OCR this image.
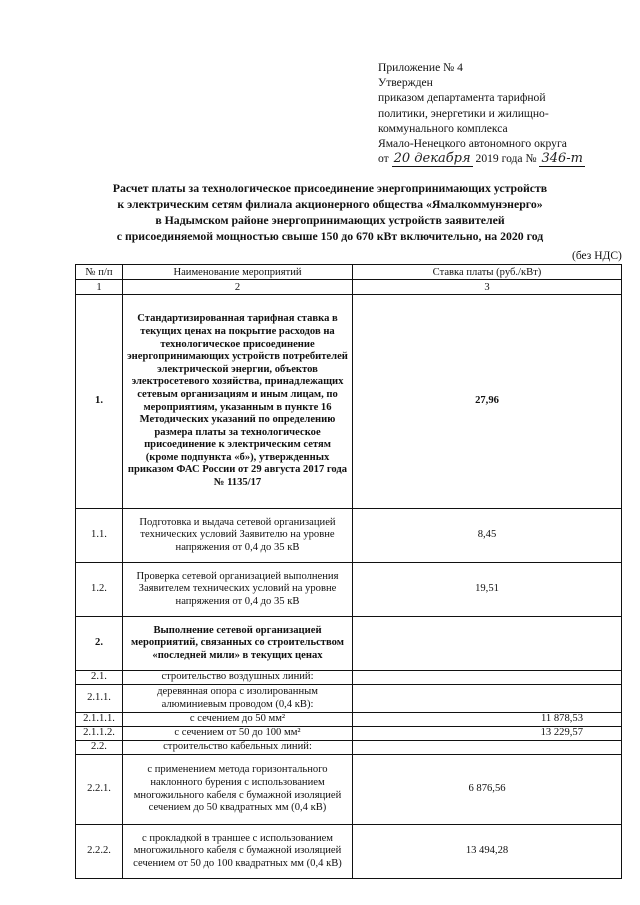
Приложение № 4
Утвержден
приказом департамента тарифной
политики, энергетики и жилищно-
коммунального комплекса
Ямало-Ненецкого автономного округа
от 20 декабря 2019 года № 346-т
Расчет платы за технологическое присоединение энергопринимающих устройств
к электрическим сетям филиала акционерного общества «Ямалкоммунэнерго»
в Надымском районе энергопринимающих устройств заявителей
с присоединяемой мощностью свыше 150 до 670 кВт включительно, на 2020 год
(без НДС)
№ п/п	Наименование мероприятий	Ставка платы (руб./кВт)
1	2	3
1.	Стандартизированная тарифная ставка в текущих ценах на покрытие расходов на технологическое присоединение энергопринимающих устройств потребителей электрической энергии, объектов электросетевого хозяйства, принадлежащих сетевым организациям и иным лицам, по мероприятиям, указанным в пункте 16 Методических указаний по определению размера платы за технологическое присоединение к электрическим сетям (кроме подпункта «б»), утвержденных приказом ФАС России от 29 августа 2017 года № 1135/17	27,96
1.1.	Подготовка и выдача сетевой организацией технических условий Заявителю на уровне напряжения от 0,4 до 35 кВ	8,45
1.2.	Проверка сетевой организацией выполнения Заявителем технических условий на уровне напряжения от 0,4 до 35 кВ	19,51
2.	Выполнение сетевой организацией мероприятий, связанных со строительством «последней мили» в текущих ценах	
2.1.	строительство воздушных линий:	
2.1.1.	деревянная опора с изолированным алюминиевым проводом (0,4 кВ):	
2.1.1.1.	с сечением до 50 мм²	11 878,53
2.1.1.2.	с сечением от 50 до 100 мм²	13 229,57
2.2.	строительство кабельных линий:	
2.2.1.	с применением метода горизонтального наклонного бурения с использованием многожильного кабеля с бумажной изоляцией сечением до 50 квадратных мм (0,4 кВ)	6 876,56
2.2.2.	с прокладкой в траншее с использованием многожильного кабеля с бумажной изоляцией сечением от 50 до 100 квадратных мм (0,4 кВ)	13 494,28
